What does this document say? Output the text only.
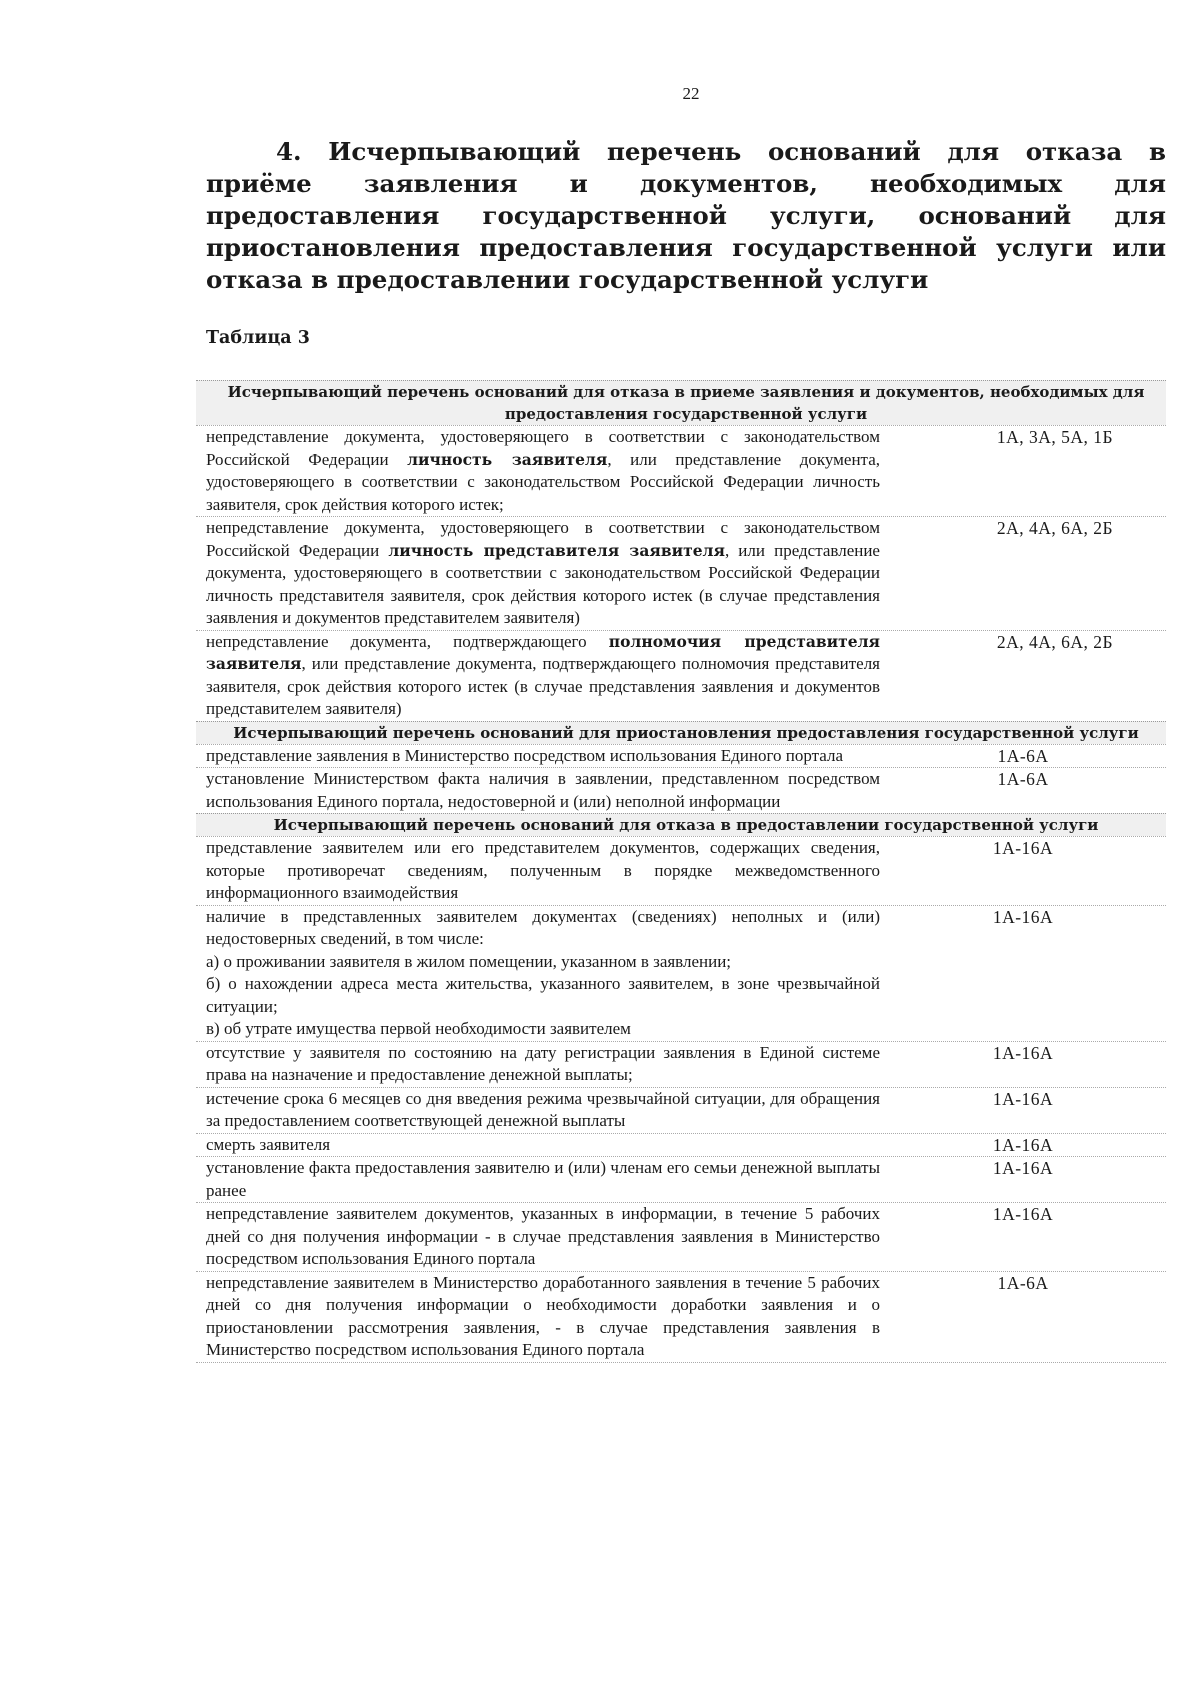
22
4. Исчерпывающий перечень оснований для отказа в приёме заявления и документов, необходимых для предоставления государственной услуги, оснований для приостановления предоставления государственной услуги или отказа в предоставлении государственной услуги
Таблица 3
Исчерпывающий перечень оснований для отказа в приеме заявления и документов, необходимых для предоставления государственной услуги
непредставление документа, удостоверяющего в соответствии с законодательством Российской Федерации личность заявителя, или представление документа, удостоверяющего в соответствии с законодательством Российской Федерации личность заявителя, срок действия которого истек;
1А, 3А, 5А, 1Б
непредставление документа, удостоверяющего в соответствии с законодательством Российской Федерации личность представителя заявителя, или представление документа, удостоверяющего в соответствии с законодательством Российской Федерации личность представителя заявителя, срок действия которого истек (в случае представления заявления и документов представителем заявителя)
2А, 4А, 6А, 2Б
непредставление документа, подтверждающего полномочия представителя заявителя, или представление документа, подтверждающего полномочия представителя заявителя, срок действия которого истек (в случае представления заявления и документов представителем заявителя)
2А, 4А, 6А, 2Б
Исчерпывающий перечень оснований для приостановления предоставления государственной услуги
представление заявления в Министерство посредством использования Единого портала	1А-6А
установление Министерством факта наличия в заявлении, представленном посредством использования Единого портала, недостоверной и (или) неполной информации
1А-6А
Исчерпывающий перечень оснований для отказа в предоставлении государственной услуги
представление заявителем или его представителем документов, содержащих сведения, которые противоречат сведениям, полученным в порядке межведомственного информационного взаимодействия
1А-16А
наличие в представленных заявителем документах (сведениях) неполных и (или) недостоверных сведений, в том числе:
а) о проживании заявителя в жилом помещении, указанном в заявлении;
б) о нахождении адреса места жительства, указанного заявителем, в зоне чрезвычайной ситуации;
в) об утрате имущества первой необходимости заявителем
1А-16А
отсутствие у заявителя по состоянию на дату регистрации заявления в Единой системе права на назначение и предоставление денежной выплаты;
1А-16А
истечение срока 6 месяцев со дня введения режима чрезвычайной ситуации, для обращения за предоставлением соответствующей денежной выплаты
1А-16А
смерть заявителя	1А-16А
установление факта предоставления заявителю и (или) членам его семьи денежной выплаты ранее
1А-16А
непредставление заявителем документов, указанных в информации, в течение 5 рабочих дней со дня получения информации - в случае представления заявления в Министерство посредством использования Единого портала
1А-16А
непредставление заявителем в Министерство доработанного заявления в течение 5 рабочих дней со дня получения информации о необходимости доработки заявления и о приостановлении рассмотрения заявления, - в случае представления заявления в Министерство посредством использования Единого портала
1А-6А
